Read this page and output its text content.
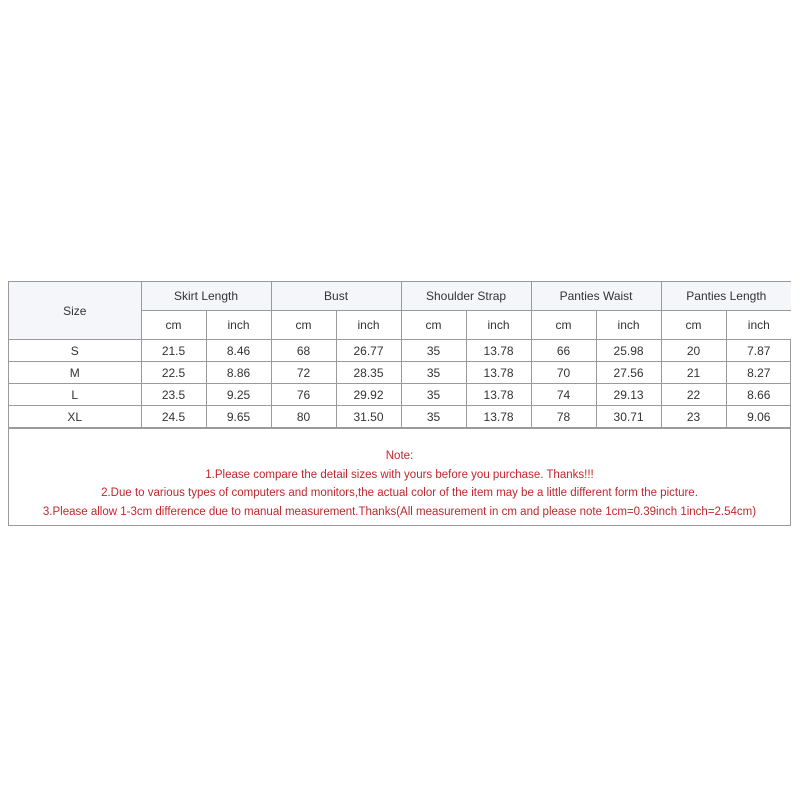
Size	Skirt Length		Bust		Shoulder Strap		Panties Waist		Panties Length	
	cm	inch	cm	inch	cm	inch	cm	inch	cm	inch
S	21.5	8.46	68	26.77	35	13.78	66	25.98	20	7.87
M	22.5	8.86	72	28.35	35	13.78	70	27.56	21	8.27
L	23.5	9.25	76	29.92	35	13.78	74	29.13	22	8.66
XL	24.5	9.65	80	31.50	35	13.78	78	30.71	23	9.06
Note:
1.Please compare the detail sizes with yours before you purchase. Thanks!!!
2.Due to various types of computers and monitors,the actual color of the item may be a little different form the picture.
3.Please allow 1-3cm difference due to manual measurement.Thanks(All measurement in cm and please note 1cm=0.39inch 1inch=2.54cm)
